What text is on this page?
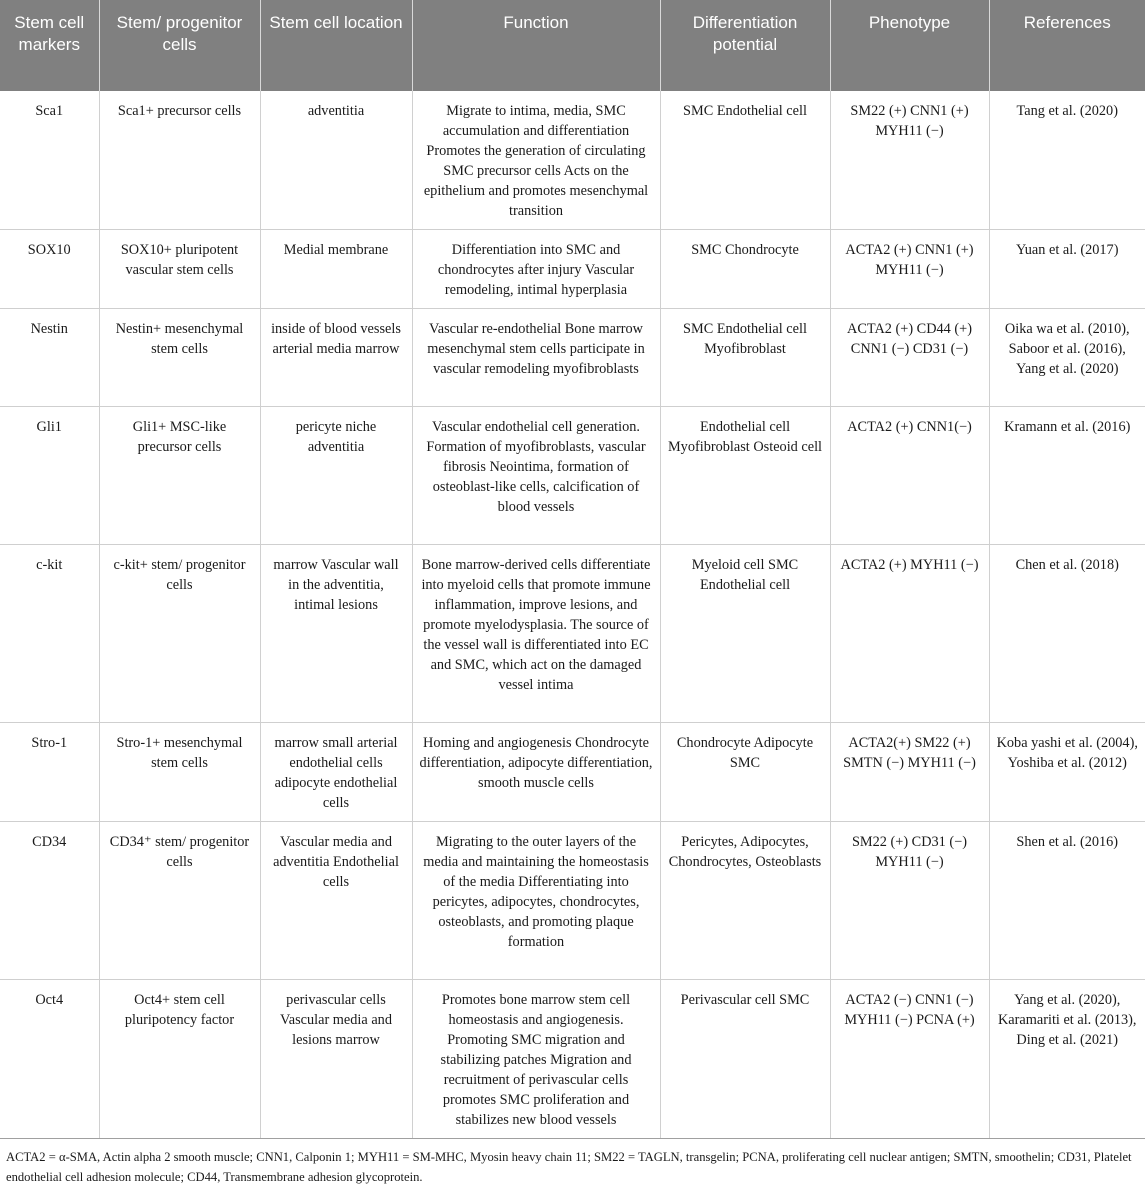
Stem cell markers	Stem/ progenitor cells	Stem cell location	Function	Differentiation potential	Phenotype	References
Sca1	Sca1+ precursor cells	adventitia	Migrate to intima, media, SMC accumulation and differentiation Promotes the generation of circulating SMC precursor cells Acts on the epithelium and promotes mesenchymal transition	SMC Endothelial cell	SM22 (+) CNN1 (+) MYH11 (−)	Tang et al. (2020)
SOX10	SOX10+ pluripotent vascular stem cells	Medial membrane	Differentiation into SMC and chondrocytes after injury Vascular remodeling, intimal hyperplasia	SMC Chondrocyte	ACTA2 (+) CNN1 (+) MYH11 (−)	Yuan et al. (2017)
Nestin	Nestin+ mesenchymal stem cells	inside of blood vessels arterial media marrow	Vascular re-endothelial Bone marrow mesenchymal stem cells participate in vascular remodeling myofibroblasts	SMC Endothelial cell Myofibroblast	ACTA2 (+) CD44 (+) CNN1 (−) CD31 (−)	Oika wa et al. (2010), Saboor et al. (2016), Yang et al. (2020)
Gli1	Gli1+ MSC-like precursor cells	pericyte niche adventitia	Vascular endothelial cell generation. Formation of myofibroblasts, vascular fibrosis Neointima, formation of osteoblast-like cells, calcification of blood vessels	Endothelial cell Myofibroblast Osteoid cell	ACTA2 (+) CNN1(−)	Kramann et al. (2016)
c-kit	c-kit+ stem/ progenitor cells	marrow Vascular wall in the adventitia, intimal lesions	Bone marrow-derived cells differentiate into myeloid cells that promote immune inflammation, improve lesions, and promote myelodysplasia. The source of the vessel wall is differentiated into EC and SMC, which act on the damaged vessel intima	Myeloid cell SMC Endothelial cell	ACTA2 (+) MYH11 (−)	Chen et al. (2018)
Stro-1	Stro-1+ mesenchymal stem cells	marrow small arterial endothelial cells adipocyte endothelial cells	Homing and angiogenesis Chondrocyte differentiation, adipocyte differentiation, smooth muscle cells	Chondrocyte Adipocyte SMC	ACTA2(+) SM22 (+) SMTN (−) MYH11 (−)	Koba yashi et al. (2004), Yoshiba et al. (2012)
CD34	CD34⁺ stem/ progenitor cells	Vascular media and adventitia Endothelial cells	Migrating to the outer layers of the media and maintaining the homeostasis of the media Differentiating into pericytes, adipocytes, chondrocytes, osteoblasts, and promoting plaque formation	Pericytes, Adipocytes, Chondrocytes, Osteoblasts	SM22 (+) CD31 (−) MYH11 (−)	Shen et al. (2016)
Oct4	Oct4+ stem cell pluripotency factor	perivascular cells Vascular media and lesions marrow	Promotes bone marrow stem cell homeostasis and angiogenesis. Promoting SMC migration and stabilizing patches Migration and recruitment of perivascular cells promotes SMC proliferation and stabilizes new blood vessels	Perivascular cell SMC	ACTA2 (−) CNN1 (−) MYH11 (−) PCNA (+)	Yang et al. (2020), Karamariti et al. (2013), Ding et al. (2021)
ACTA2 = α-SMA, Actin alpha 2 smooth muscle; CNN1, Calponin 1; MYH11 = SM-MHC, Myosin heavy chain 11; SM22 = TAGLN, transgelin; PCNA, proliferating cell nuclear antigen; SMTN, smoothelin; CD31, Platelet endothelial cell adhesion molecule; CD44, Transmembrane adhesion glycoprotein.
